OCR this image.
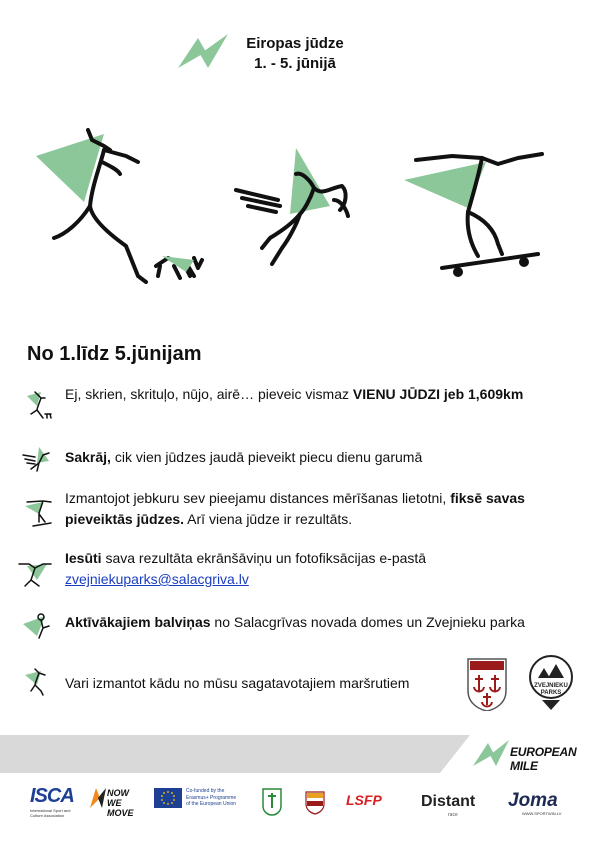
Eiropas jūdze
1. - 5. jūnijā
No 1.līdz 5.jūnijam
Ej, skrien, skrituļo, nūjo, airē… pieveic vismaz VIENU JŪDZI jeb 1,609km
Sakrāj, cik vien jūdzes jaudā pieveikt piecu dienu garumā
Izmantojot jebkuru sev pieejamu distances mērīšanas lietotni, fiksē savas pieveiktās jūdzes. Arī viena jūdze ir rezultāts.
Iesūti sava rezultāta ekrānšāviņu un fotofiksācijas e-pastā
zvejniekuparks@salacgriva.lv
Aktīvākajiem balviņas no Salacgrīvas novada domes un Zvejnieku parka
Vari izmantot kādu no mūsu sagatavotajiem maršrutiem	ZVEJNIEKU
PARKS
EUROPEAN MILE
ISCA
International Sport and Culture Association
NOW
WE MOVE
Co-funded by the
Erasmus+ Programme
of the European Union	LSFP Distant
race
Joma
WWW.SPORTWIN.LV
